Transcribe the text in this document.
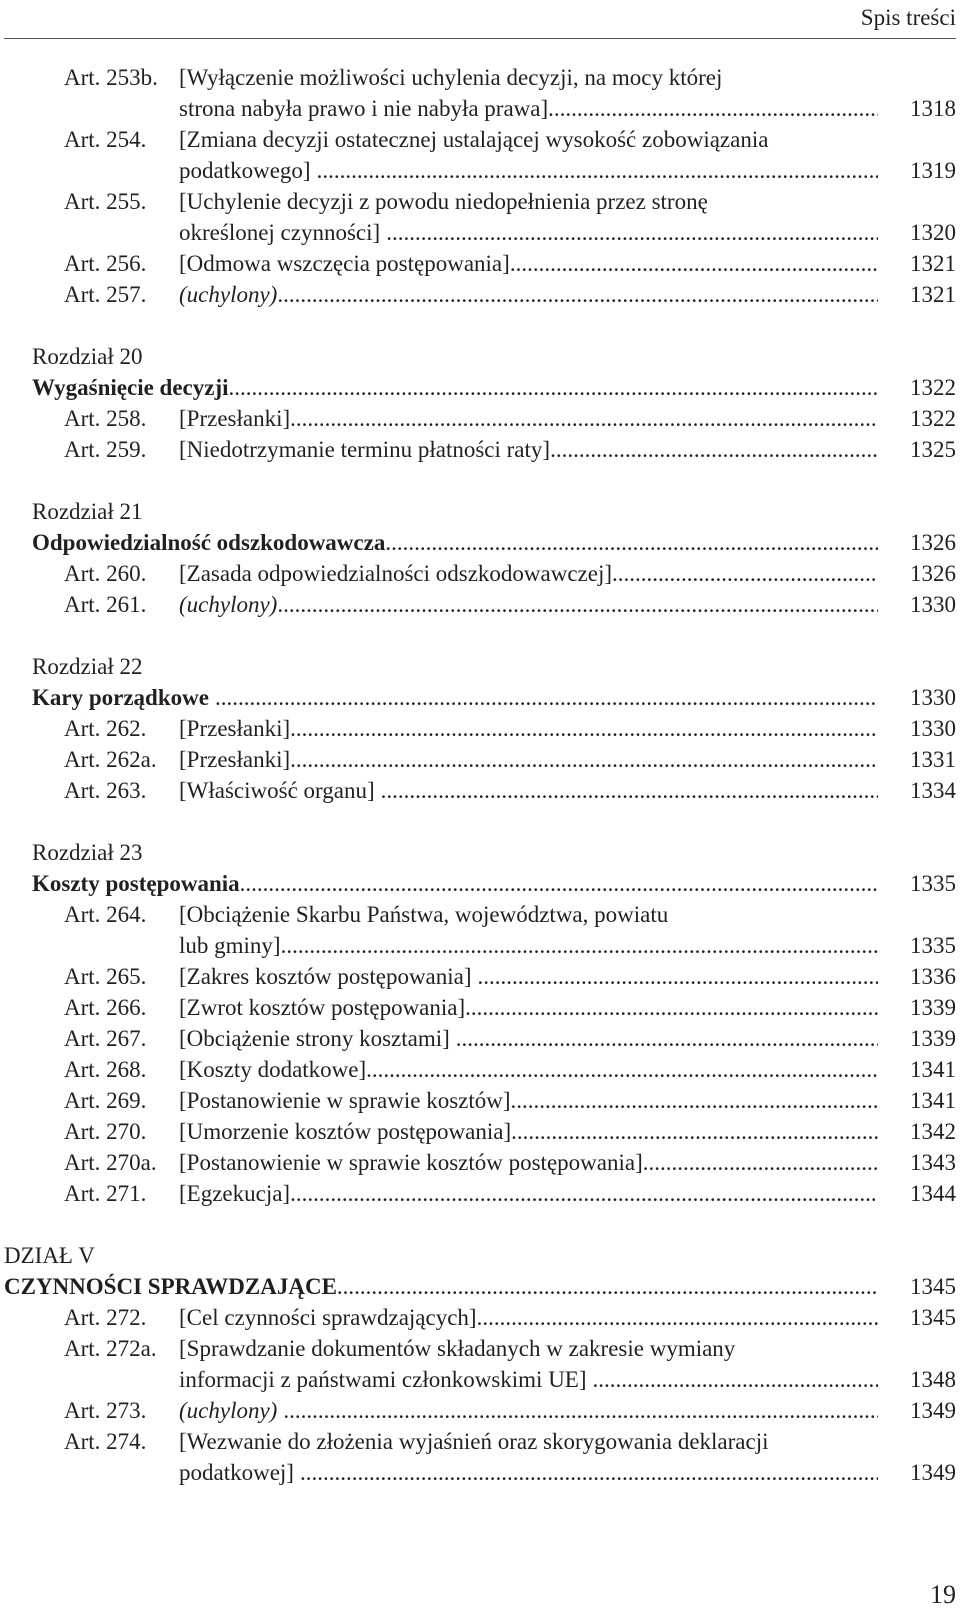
Spis treści
Art. 253b. [Wyłączenie możliwości uchylenia decyzji, na mocy której
strona nabyła prawo i nie nabyła prawa] .....	1318
Art. 254. [Zmiana decyzji ostatecznej ustalającej wysokość zobowiązania
podatkowego] .....	1319
Art. 255. [Uchylenie decyzji z powodu niedopełnienia przez stronę
określonej czynności] .....	1320
Art. 256. [Odmowa wszczęcia postępowania] .....	1321
Art. 257. (uchylony) .....	1321
Rozdział 20
Wygaśnięcie decyzji .....	1322
Art. 258. [Przesłanki] .....	1322
Art. 259. [Niedotrzymanie terminu płatności raty] .....	1325
Rozdział 21
Odpowiedzialność odszkodowawcza .....	1326
Art. 260. [Zasada odpowiedzialności odszkodowawczej] .....	1326
Art. 261. (uchylony) .....	1330
Rozdział 22
Kary porządkowe .....	1330
Art. 262. [Przesłanki] .....	1330
Art. 262a. [Przesłanki] .....	1331
Art. 263. [Właściwość organu] .....	1334
Rozdział 23
Koszty postępowania .....	1335
Art. 264. [Obciążenie Skarbu Państwa, województwa, powiatu
lub gminy] .....	1335
Art. 265. [Zakres kosztów postępowania] .....	1336
Art. 266. [Zwrot kosztów postępowania] .....	1339
Art. 267. [Obciążenie strony kosztami] .....	1339
Art. 268. [Koszty dodatkowe] .....	1341
Art. 269. [Postanowienie w sprawie kosztów] .....	1341
Art. 270. [Umorzenie kosztów postępowania] .....	1342
Art. 270a. [Postanowienie w sprawie kosztów postępowania] .....	1343
Art. 271. [Egzekucja] .....	1344
DZIAŁ V
CZYNNOŚCI SPRAWDZAJĄCE .....	1345
Art. 272. [Cel czynności sprawdzających] .....	1345
Art. 272a. [Sprawdzanie dokumentów składanych w zakresie wymiany
informacji z państwami członkowskimi UE] .....	1348
Art. 273. (uchylony) .....	1349
Art. 274. [Wezwanie do złożenia wyjaśnień oraz skorygowania deklaracji
podatkowej] .....	1349
19
